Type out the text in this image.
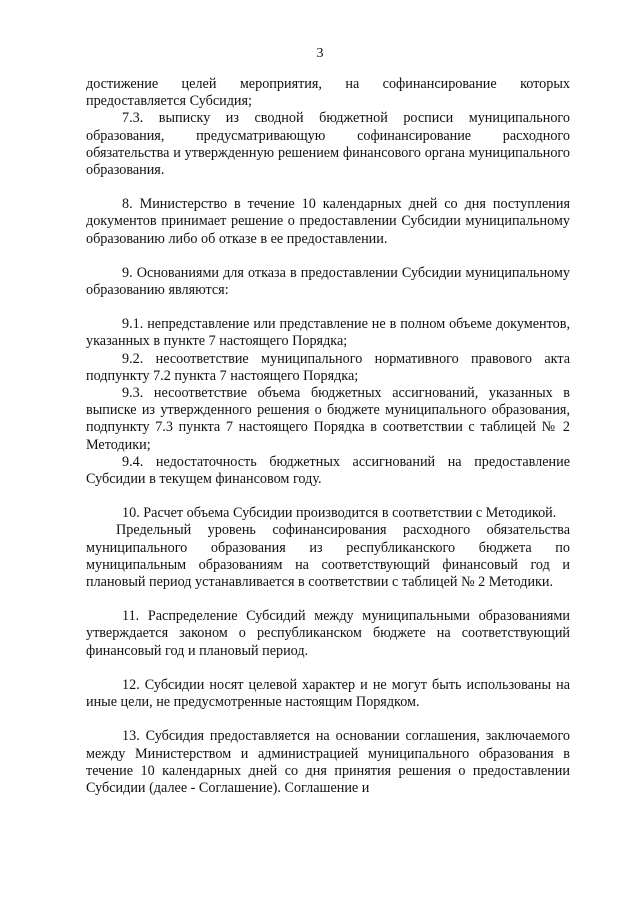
3

достижение целей мероприятия, на софинансирование которых предоставляется Субсидия;

7.3. выписку из сводной бюджетной росписи муниципального образования, предусматривающую софинансирование расходного обязательства и утвержденную решением финансового органа муниципального образования.

8. Министерство в течение 10 календарных дней со дня поступления документов принимает решение о предоставлении Субсидии муниципальному образованию либо об отказе в ее предоставлении.

9. Основаниями для отказа в предоставлении Субсидии муниципальному образованию являются:

9.1. непредставление или представление не в полном объеме документов, указанных в пункте 7 настоящего Порядка;

9.2. несоответствие муниципального нормативного правового акта подпункту 7.2 пункта 7 настоящего Порядка;

9.3. несоответствие объема бюджетных ассигнований, указанных в выписке из утвержденного решения о бюджете муниципального образования, подпункту 7.3 пункта 7 настоящего Порядка в соответствии с таблицей № 2 Методики;

9.4. недостаточность бюджетных ассигнований на предоставление Субсидии в текущем финансовом году.

10. Расчет объема Субсидии производится в соответствии с Методикой.

Предельный уровень софинансирования расходного обязательства муниципального образования из республиканского бюджета по муниципальным образованиям на соответствующий финансовый год и плановый период устанавливается в соответствии с таблицей № 2 Методики.

11. Распределение Субсидий между муниципальными образованиями утверждается законом о республиканском бюджете на соответствующий финансовый год и плановый период.

12. Субсидии носят целевой характер и не могут быть использованы на иные цели, не предусмотренные настоящим Порядком.

13. Субсидия предоставляется на основании соглашения, заключаемого между Министерством и администрацией муниципального образования в течение 10 календарных дней со дня принятия решения о предоставлении Субсидии (далее - Соглашение). Соглашение и
